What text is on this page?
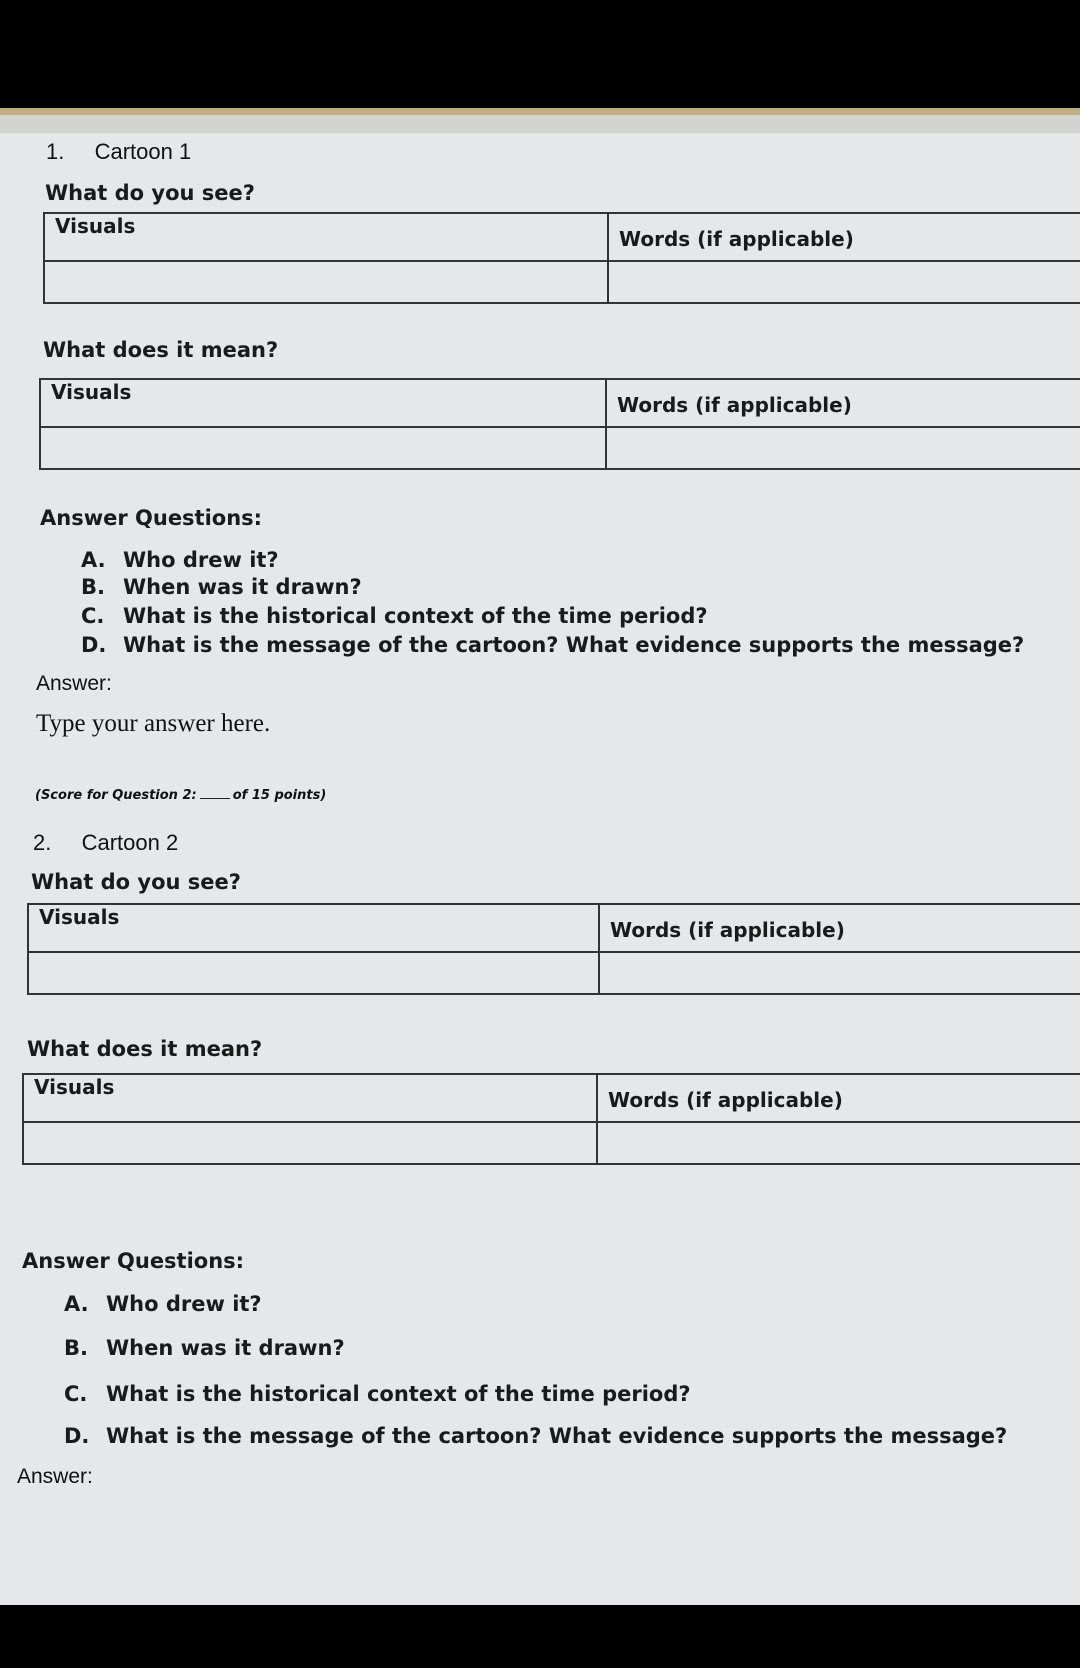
1. Cartoon 1
What do you see?
Visuals	Words (if applicable)

What does it mean?
Visuals	Words (if applicable)

Answer Questions:
A. Who drew it?
B. When was it drawn?
C. What is the historical context of the time period?
D. What is the message of the cartoon? What evidence supports the message?
Answer:
Type your answer here.
(Score for Question 2:	of 15 points)
2. Cartoon 2
What do you see?
Visuals	Words (if applicable)

What does it mean?
Visuals	Words (if applicable)

Answer Questions:
A. Who drew it?
B. When was it drawn?
C. What is the historical context of the time period?
D. What is the message of the cartoon? What evidence supports the message?
Answer:
